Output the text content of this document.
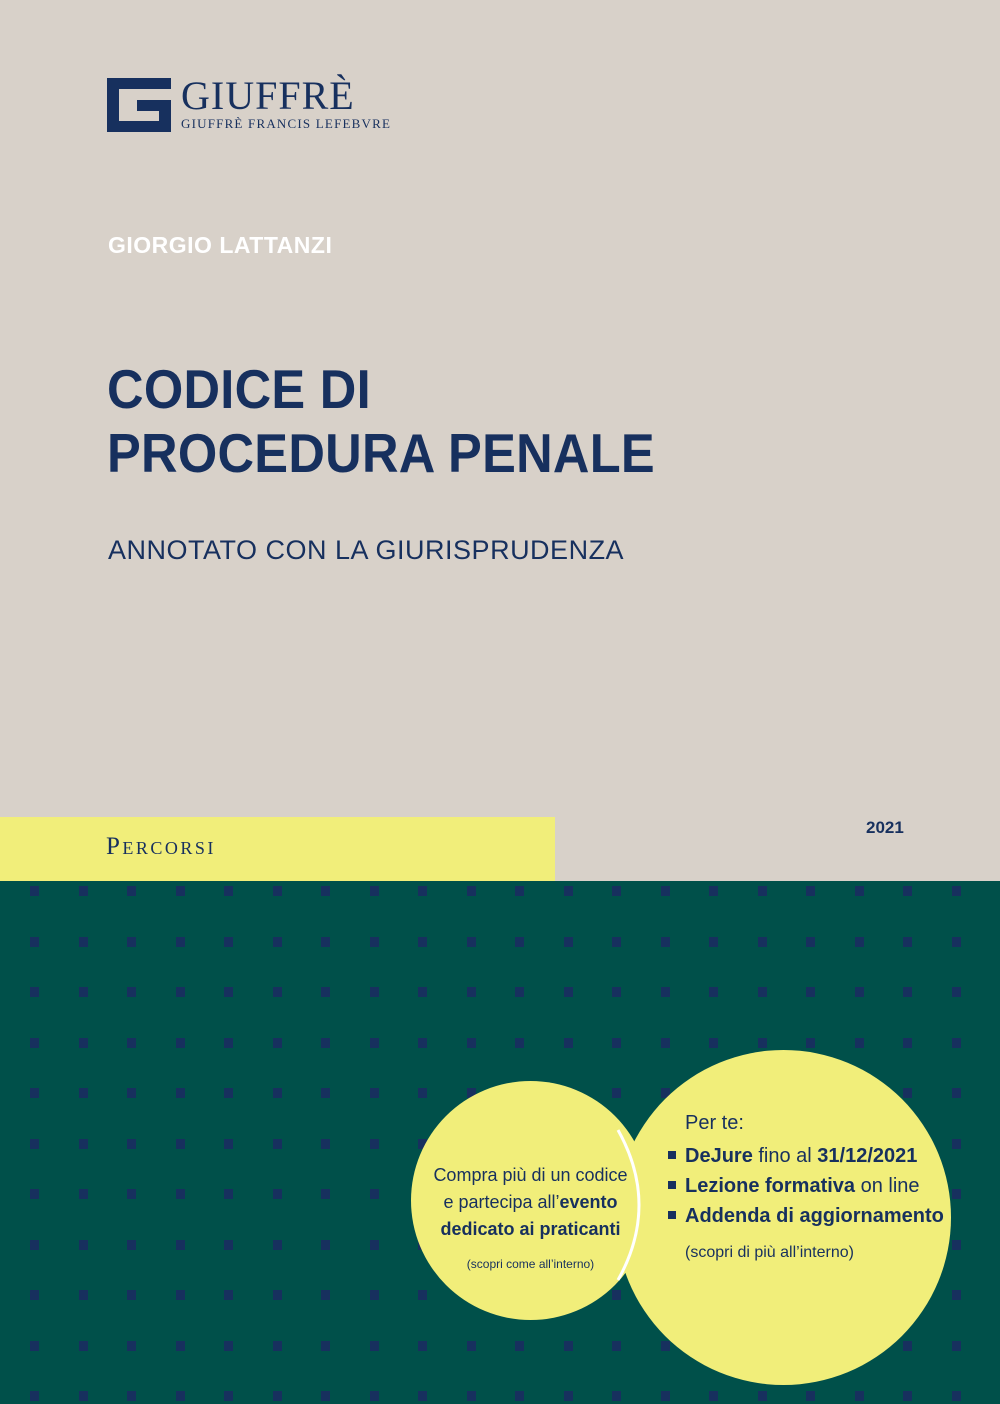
GIUFFRÈ
GIUFFRÈ FRANCIS LEFEBVRE
GIORGIO LATTANZI
CODICE DI
PROCEDURA PENALE
ANNOTATO CON LA GIURISPRUDENZA
Percorsi
2021
Compra più di un codice
e partecipa all’evento
dedicato ai praticanti
(scopri come all’interno)
Per te:
DeJure fino al 31/12/2021
Lezione formativa on line
Addenda di aggiornamento
(scopri di più all’interno)
